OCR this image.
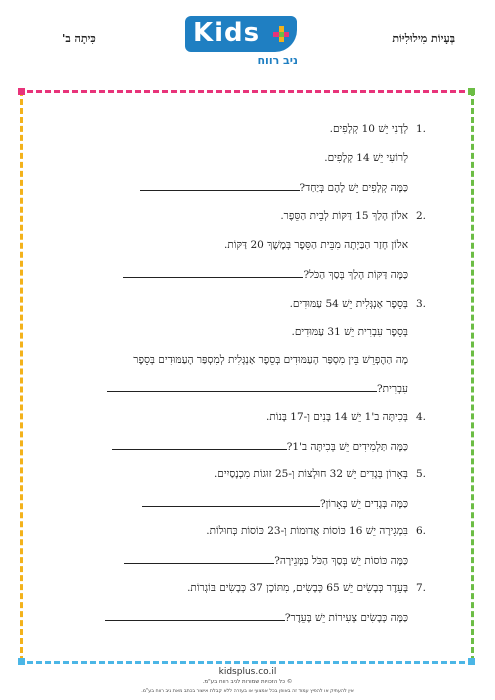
בְּעָיוֹת מִילוּלִיּוֹת
כִּיתָה ב'	Kids
ניב רווח
1.
לְדָנִי יֵשׁ 10 קְלָפִים.
לְרוֹעִי יֵשׁ 14 קְלָפִים.
כַּמָּה קְלָפִים יֵשׁ לָהֶם בְּיַחַד?
2.
אלוֹן הָלַךְ 15 דַּקּוֹת לְבֵית הַסֵּפֶר.
אלוֹן חָזַר הַבַּיְתָה מִבֵּית הַסֵּפֶר בְּמֶשֶׁךְ 20 דַּקּוֹת.
כַּמָּה דַּקּוֹת הָלַךְ בְּסַךְ הַכֹּל?
3.
בְּסֵפֶר אַנְגְּלִית יֵשׁ 54 עַמּוּדִים.
בְּסֵפֶר עִבְרִית יֵשׁ 31 עַמּוּדִים.
מָה הַהֶפְרֵשׁ בֵּין מִסְפַּר הָעַמּוּדִים בְּסֵפֶר אַנְגְּלִית לְמִסְפַּר הָעַמּוּדִים בְּסֵפֶר
עִבְרִית?
4.
בְּכִיתָּה ב'1 יֵשׁ 14 בָּנִים וְ-17 בָּנוֹת.
כַּמָּה תַּלְמִידִים יֵשׁ בְּכִיתָּה ב'1?
5.
בְּאָרוֹן בְּגָדִים יֵשׁ 32 חוּלְצוֹת וְ-25 זוּגוֹת מִכְנָסַיִים.
כַּמָּה בְּגָדִים יֵשׁ בָּאָרוֹן?
6.
בִּמְגֵירָה יֵשׁ 16 כּוֹסוֹת אֲדוּמוֹת וְ-23 כּוֹסוֹת כְּחוּלוֹת.
כַּמָּה כּוֹסוֹת יֵשׁ בְּסַךְ הַכֹּל בַּמְּגֵירָה?
7.
בָּעֵדֶר כְּבָשִׂים יֵשׁ 65 כְּבָשִׂים, מִתּוֹכָן 37 כְּבָשִׂים בּוֹגְרוֹת.
כַּמָּה כְּבָשִׂים צְעִירוֹת יֵשׁ בָּעֵדֶר?
kidsplus.co.il
© כל הזכויות שמורות לניב רווח בע"מ.
אין להעתיק או להפיץ עמוד זה באופן בכל אמצעי או בעזרה ללא קבלת אישור בכתב מאת ניב רווח בע"מ.
